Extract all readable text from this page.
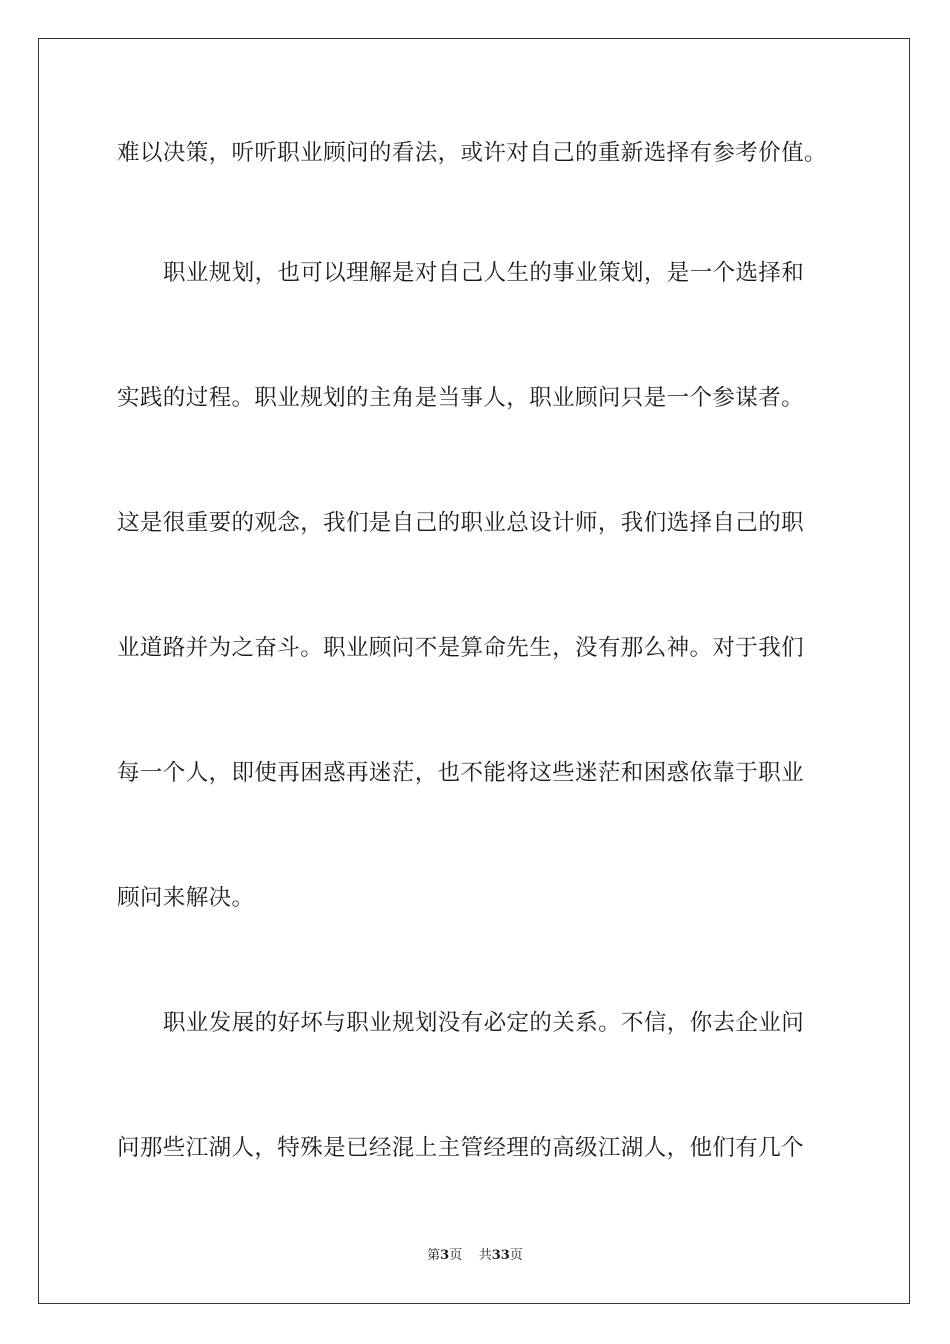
难以决策，听听职业顾问的看法，或许对自己的重新选择有参考价值。
职业规划，也可以理解是对自己人生的事业策划，是一个选择和
实践的过程。职业规划的主角是当事人，职业顾问只是一个参谋者。
这是很重要的观念，我们是自己的职业总设计师，我们选择自己的职
业道路并为之奋斗。职业顾问不是算命先生，没有那么神。对于我们
每一个人，即使再困惑再迷茫，也不能将这些迷茫和困惑依靠于职业
顾问来解决。
职业发展的好坏与职业规划没有必定的关系。不信，你去企业问
问那些江湖人，特殊是已经混上主管经理的高级江湖人，他们有几个
第3页 共33页
